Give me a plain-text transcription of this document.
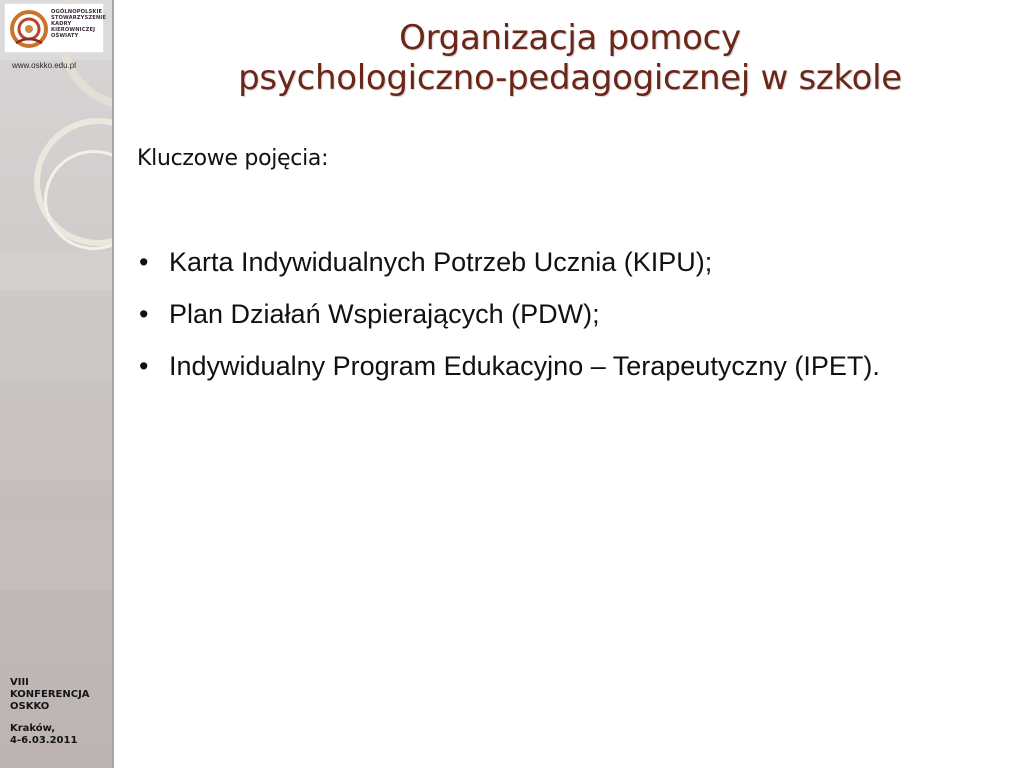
OGÓLNOPOLSKIE
STOWARZYSZENIE
KADRY
KIEROWNICZEJ
OŚWIATY
www.oskko.edu.pl
VIII
KONFERENCJA
OSKKO
Kraków,
4-6.03.2011
Organizacja pomocy
psychologiczno-pedagogicznej w szkole
Kluczowe pojęcia:
• Karta Indywidualnych Potrzeb Ucznia (KIPU);
• Plan Działań Wspierających (PDW);
• Indywidualny Program Edukacyjno – Terapeutyczny (IPET).
